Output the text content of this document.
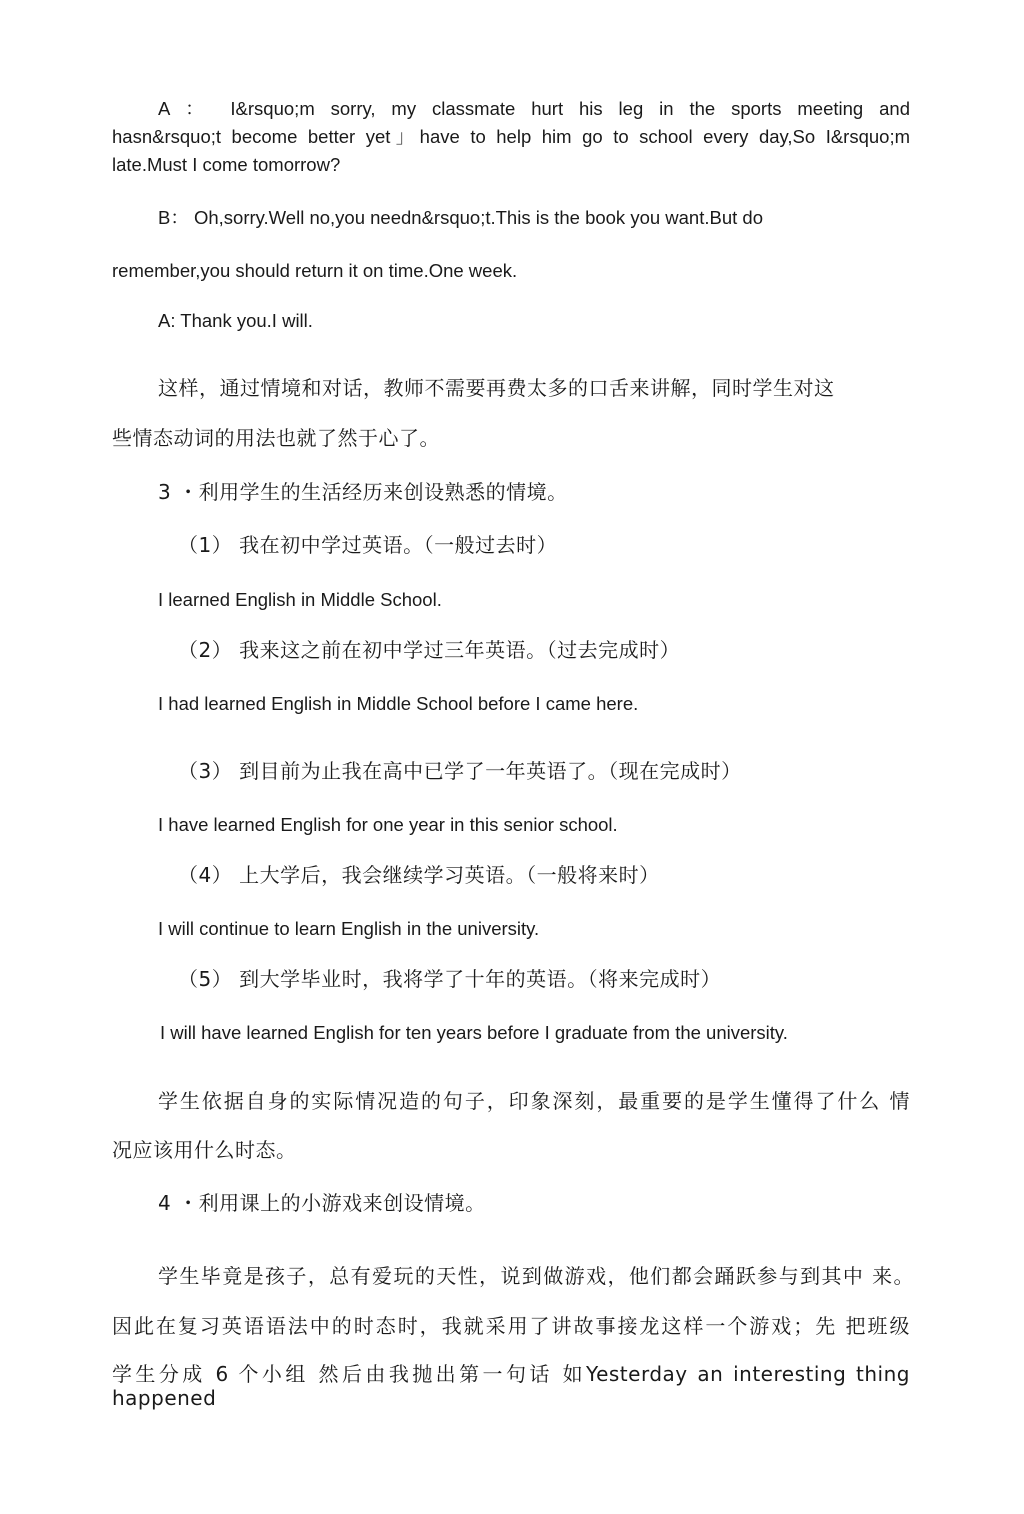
A ： I&rsquo;m sorry, my classmate hurt his leg in the sports meeting and
hasn&rsquo;t become better yet」have to help him go to school every day,So I&rsquo;m
late.Must I come tomorrow?
B： Oh,sorry.Well no,you needn&rsquo;t.This is the book you want.But do
remember,you should return it on time.One week.
A: Thank you.I will.
这样，通过情境和对话，教师不需要再费太多的口舌来讲解，同时学生对这
些情态动词的用法也就了然于心了。
3 ・利用学生的生活经历来创设熟悉的情境。
（1） 我在初中学过英语。（一般过去时）
I learned English in Middle School.
（2） 我来这之前在初中学过三年英语。（过去完成时）
I had learned English in Middle School before I came here.
（3） 到目前为止我在高中已学了一年英语了。（现在完成时）
I have learned English for one year in this senior school.
（4） 上大学后，我会继续学习英语。（一般将来时）
I will continue to learn English in the university.
（5） 到大学毕业时，我将学了十年的英语。（将来完成时）
I will have learned English for ten years before I graduate from the university.
学生依据自身的实际情况造的句子，印象深刻，最重要的是学生懂得了什么 情
况应该用什么时态。
4 ・利用课上的小游戏来创设情境。
学生毕竟是孩子，总有爱玩的天性，说到做游戏，他们都会踊跃参与到其中 来。
因此在复习英语语法中的时态时，我就采用了讲故事接龙这样一个游戏；先 把班级
学生分成 6 个小组 然后由我抛出第一句话 如Yesterday an interesting thing happened
